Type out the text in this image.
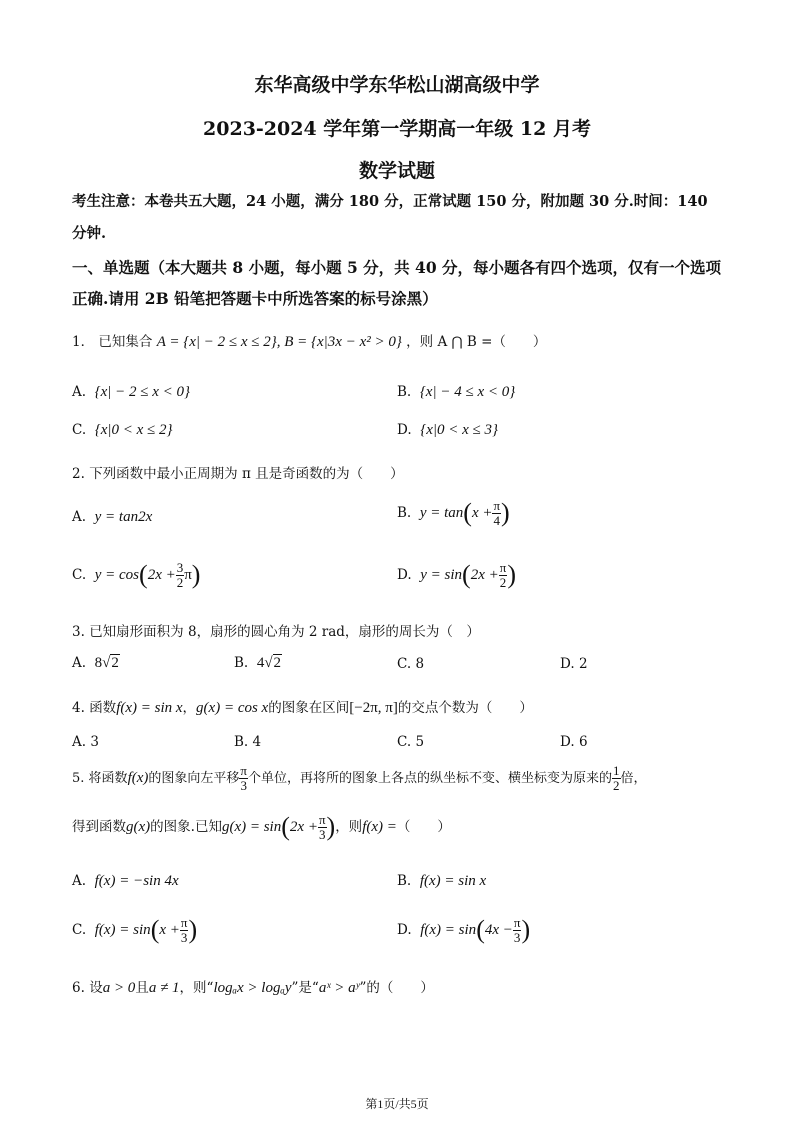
东华高级中学东华松山湖高级中学
2023-2024 学年第一学期高一年级 12 月考
数学试题
考生注意：本卷共五大题，24 小题，满分 180 分，正常试题 150 分，附加题 30 分.时间：140
分钟.
一、单选题（本大题共 8 小题，每小题 5 分，共 40 分，每小题各有四个选项，仅有一个选项
正确.请用 2B 铅笔把答题卡中所选答案的标号涂黑）
1． 已知集合 A = {x| − 2 ≤ x ≤ 2}, B = {x|3x − x² > 0} ，则 A ⋂ B =（　　）
A. {x| − 2 ≤ x < 0}	B. {x| − 4 ≤ x < 0}
C. {x|0 < x ≤ 2}	D. {x|0 < x ≤ 3}
2. 下列函数中最小正周期为 π 且是奇函数的为（　　）
A. y = tan2x	B. $y = \tan(x + \frac{\pi}{4}$ )
C. $y = \cos(2x + \frac{3}{2} \pi)$	D. $y = \sin(2x + \frac{\pi}{2}$ )
3. 已知扇形面积为 8，扇形的圆心角为 2 rad，扇形的周长为（　）
A. 8√2	B. 4√2	C. 8	D. 2
4. 函数f(x) = sin x，g(x) = cos x的图象在区间[−2π, π]的交点个数为（　　）
A. 3	B. 4	C. 5	D. 6
5. 将函数f(x)的图象向左平移 $\frac{\pi}{3}$ 个单位，再将所的图象上各点的纵坐标不变、横坐标变为原来的 $\frac{1}{2}$ 倍，
得到函数g(x)的图象.已知$g(x) = \sin(2x + \frac{\pi}{3}$ )，则f(x) =（　　）
A. f(x) = −sin 4x	B. f(x) = sin x
C. $f(x) = \sin(x + \frac{\pi}{3}$ )	D. $f(x) = \sin(4x - \frac{\pi}{3}$ )
6. 设a > 0且a ≠ 1，则“logₐx > logₐy”是“aˣ > aʸ”的（　　）
第1页/共5页
